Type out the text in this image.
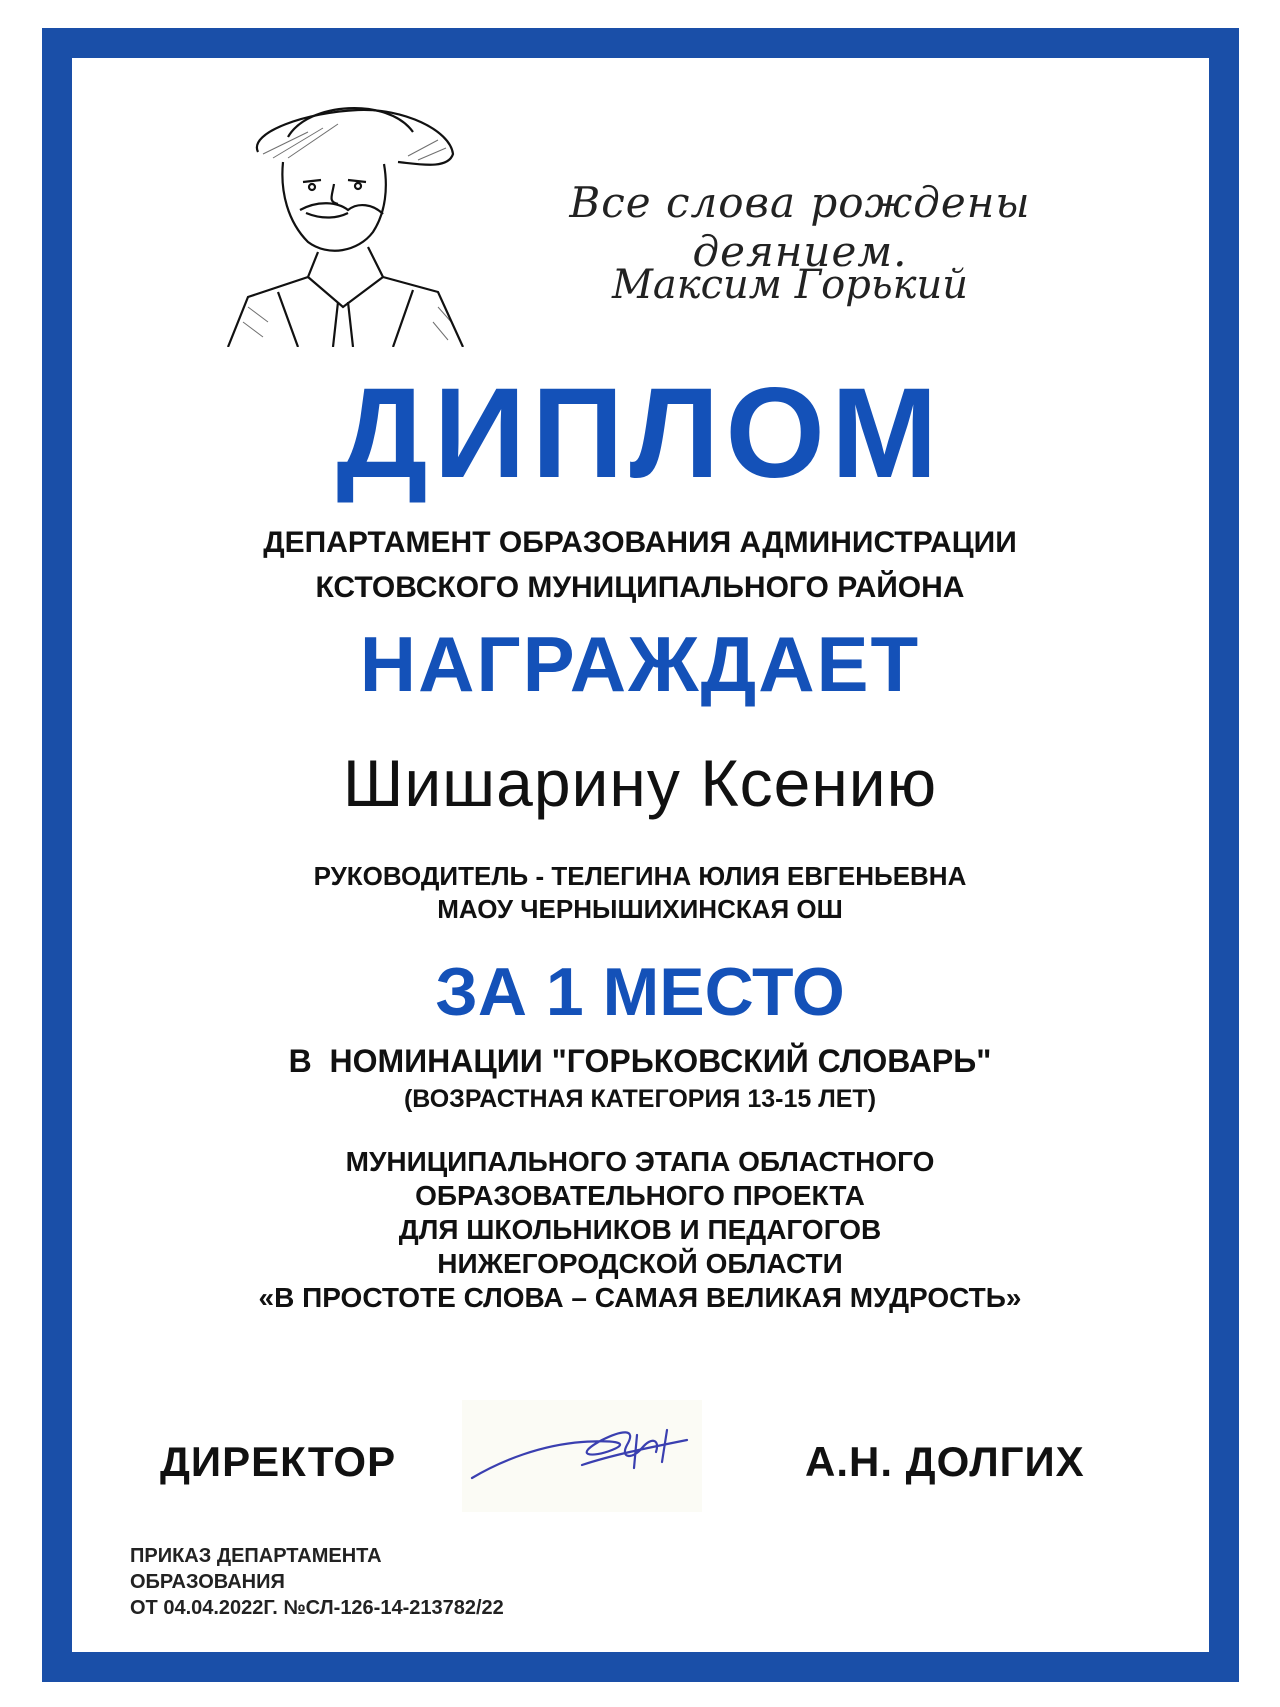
Все слова рождены деянием.
Максим Горький
ДИПЛОМ
ДЕПАРТАМЕНТ ОБРАЗОВАНИЯ АДМИНИСТРАЦИИ
КСТОВСКОГО МУНИЦИПАЛЬНОГО РАЙОНА
НАГРАЖДАЕТ
Шишарину Ксению
РУКОВОДИТЕЛЬ - ТЕЛЕГИНА ЮЛИЯ ЕВГЕНЬЕВНА
МАОУ ЧЕРНЫШИХИНСКАЯ ОШ
ЗА 1 МЕСТО
В  НОМИНАЦИИ "ГОРЬКОВСКИЙ СЛОВАРЬ"
(ВОЗРАСТНАЯ КАТЕГОРИЯ 13-15 ЛЕТ)
МУНИЦИПАЛЬНОГО ЭТАПА ОБЛАСТНОГО
ОБРАЗОВАТЕЛЬНОГО ПРОЕКТА
ДЛЯ ШКОЛЬНИКОВ И ПЕДАГОГОВ
НИЖЕГОРОДСКОЙ ОБЛАСТИ
«В ПРОСТОТЕ СЛОВА – САМАЯ ВЕЛИКАЯ МУДРОСТЬ»
ДИРЕКТОР	А.Н. ДОЛГИХ
ПРИКАЗ ДЕПАРТАМЕНТА
ОБРАЗОВАНИЯ
ОТ 04.04.2022Г. №СЛ-126-14-213782/22
